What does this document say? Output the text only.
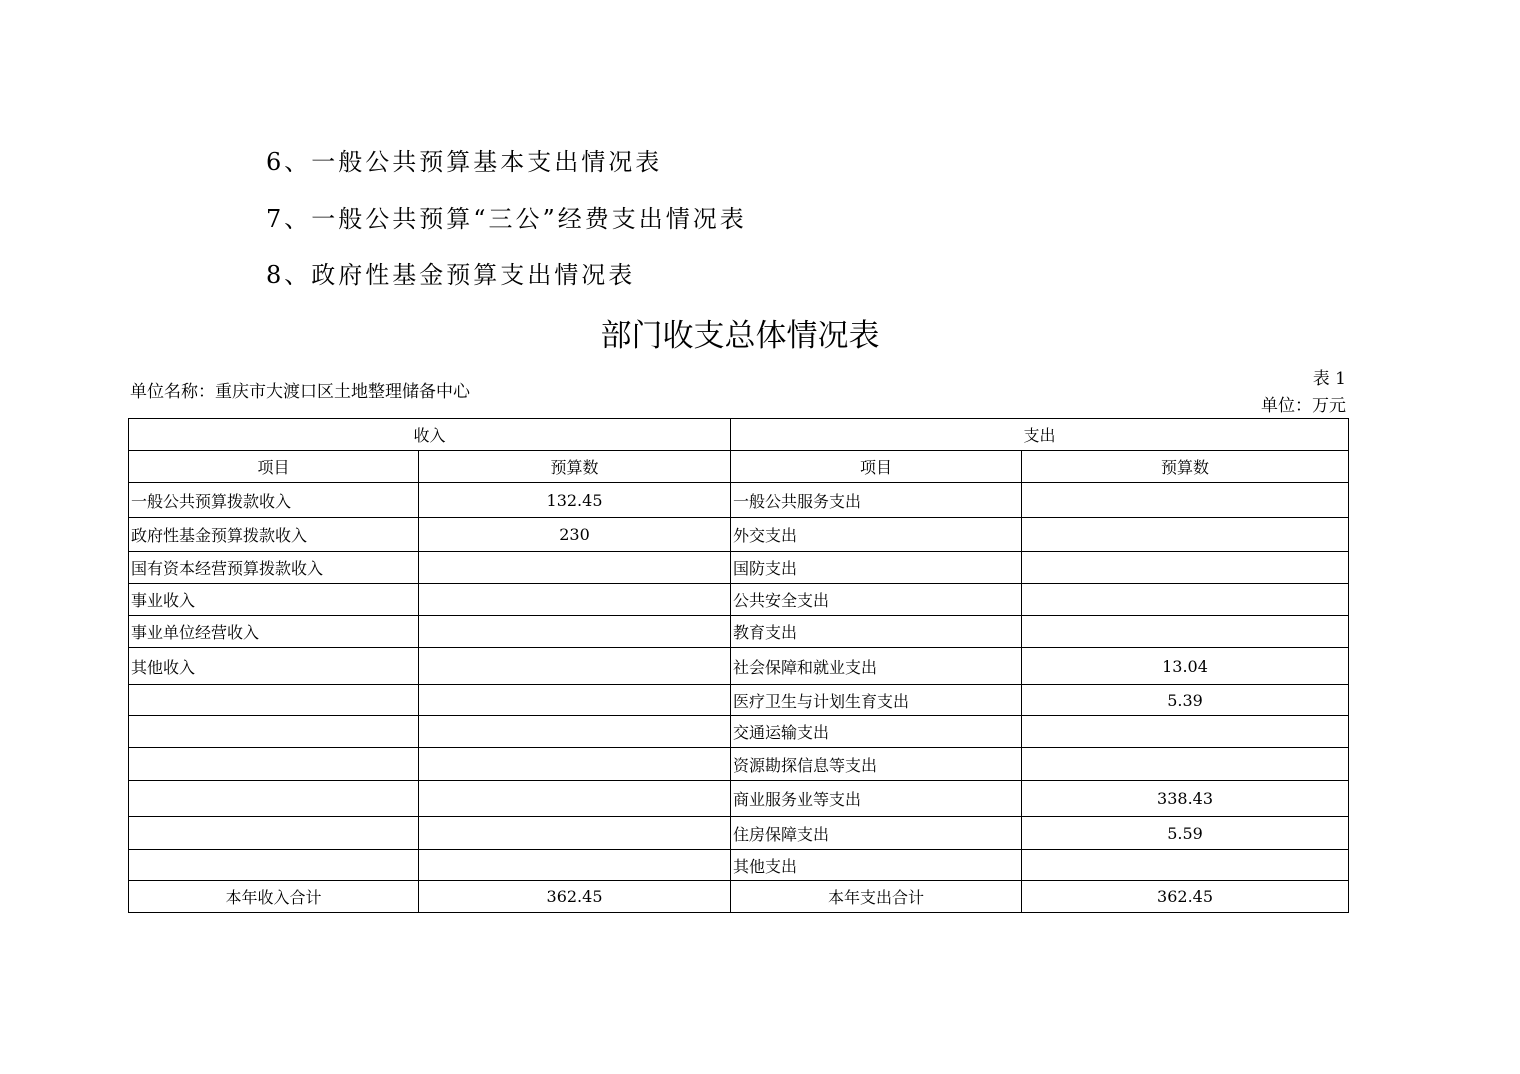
6、一般公共预算基本支出情况表
7、一般公共预算“三公”经费支出情况表
8、政府性基金预算支出情况表
部门收支总体情况表
单位名称：重庆市大渡口区土地整理储备中心
表 1
单位：万元
收入		支出	
项目	预算数	项目	预算数
一般公共预算拨款收入	132.45	一般公共服务支出	
政府性基金预算拨款收入	230	外交支出	
国有资本经营预算拨款收入		国防支出	
事业收入		公共安全支出	
事业单位经营收入		教育支出	
其他收入		社会保障和就业支出	13.04
		医疗卫生与计划生育支出	5.39
		交通运输支出	
		资源勘探信息等支出	
		商业服务业等支出	338.43
		住房保障支出	5.59
		其他支出	
本年收入合计	362.45	本年支出合计	362.45
